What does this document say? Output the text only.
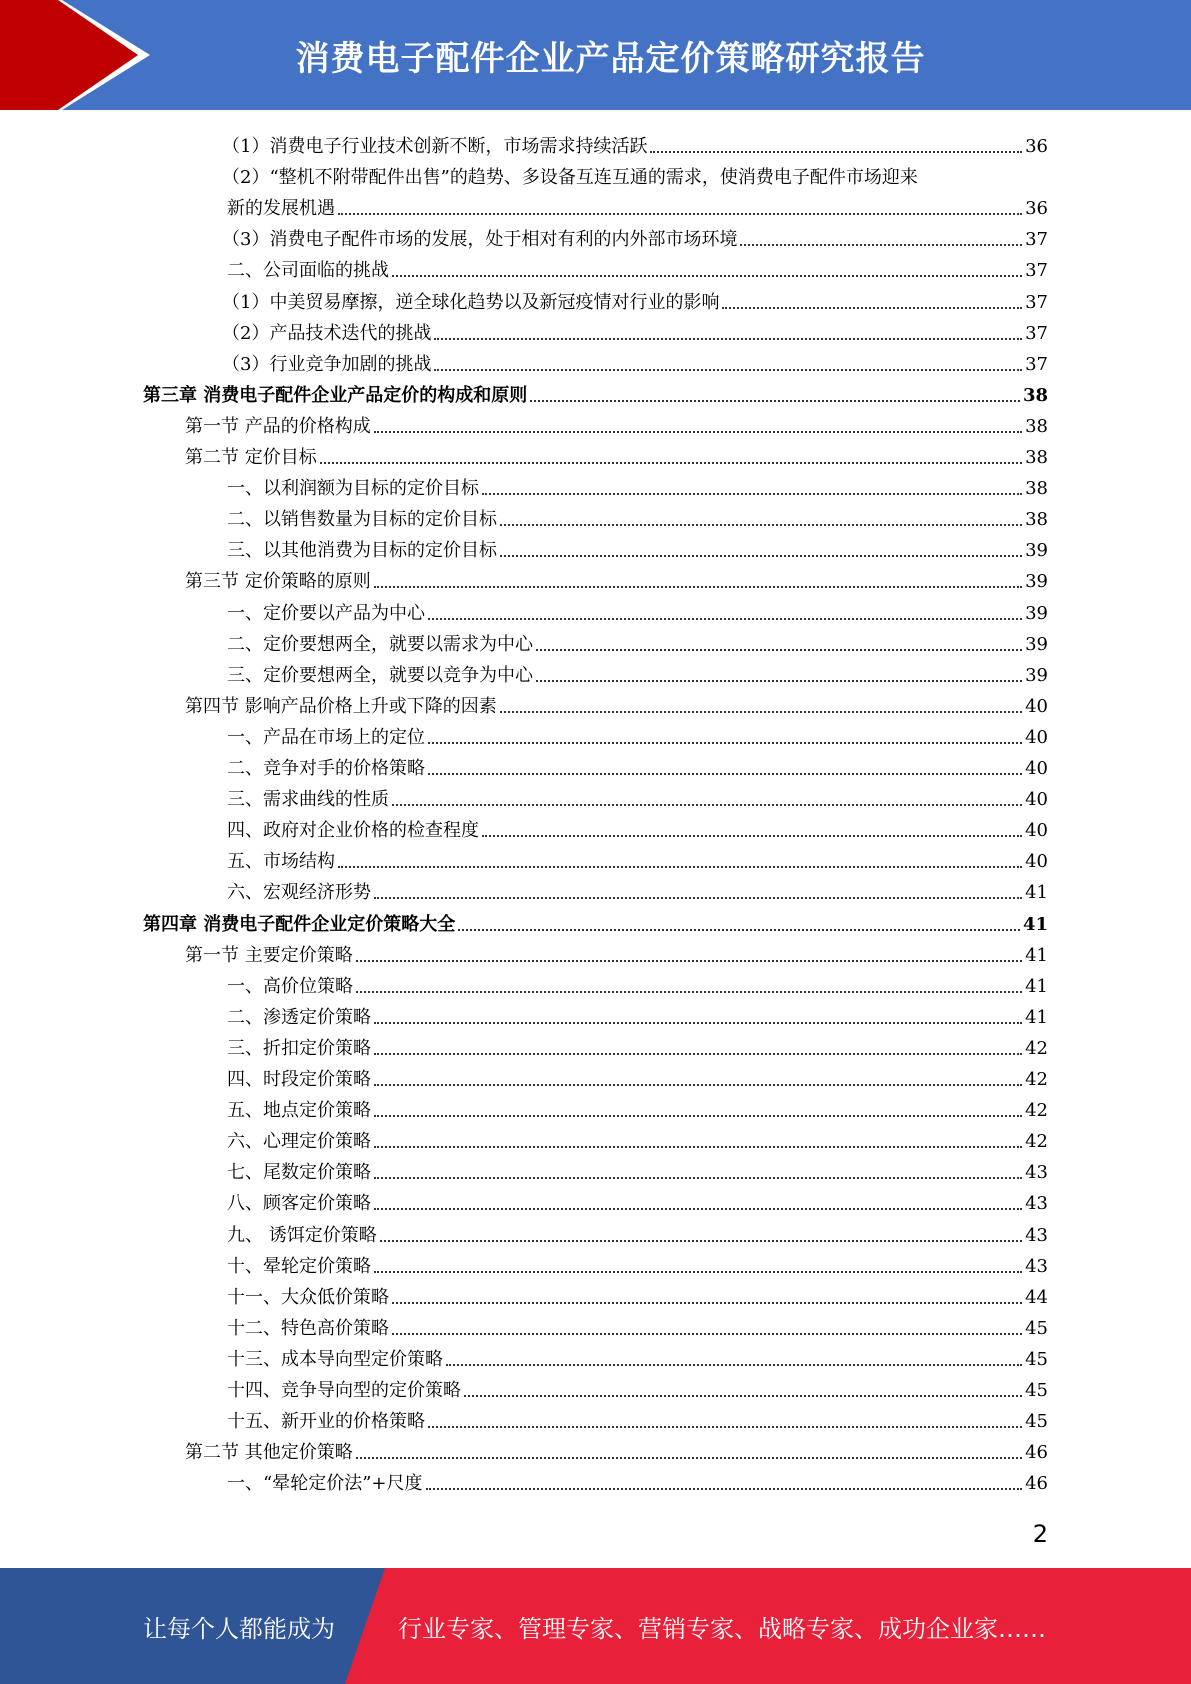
消费电子配件企业产品定价策略研究报告
（1）消费电子行业技术创新不断，市场需求持续活跃	36
（2）“整机不附带配件出售”的趋势、多设备互连互通的需求，使消费电子配件市场迎来
新的发展机遇	36
（3）消费电子配件市场的发展，处于相对有利的内外部市场环境	37
二、公司面临的挑战	37
（1）中美贸易摩擦，逆全球化趋势以及新冠疫情对行业的影响	37
（2）产品技术迭代的挑战	37
（3）行业竞争加剧的挑战	37
第三章 消费电子配件企业产品定价的构成和原则	38
第一节 产品的价格构成	38
第二节 定价目标	38
一、以利润额为目标的定价目标	38
二、以销售数量为目标的定价目标	38
三、以其他消费为目标的定价目标	39
第三节 定价策略的原则	39
一、定价要以产品为中心	39
二、定价要想两全，就要以需求为中心	39
三、定价要想两全，就要以竞争为中心	39
第四节 影响产品价格上升或下降的因素	40
一、产品在市场上的定位	40
二、竞争对手的价格策略	40
三、需求曲线的性质	40
四、政府对企业价格的检查程度	40
五、市场结构	40
六、宏观经济形势	41
第四章 消费电子配件企业定价策略大全	41
第一节 主要定价策略	41
一、高价位策略	41
二、渗透定价策略	41
三、折扣定价策略	42
四、时段定价策略	42
五、地点定价策略	42
六、心理定价策略	42
七、尾数定价策略	43
八、顾客定价策略	43
九、 诱饵定价策略	43
十、晕轮定价策略	43
十一、大众低价策略	44
十二、特色高价策略	45
十三、成本导向型定价策略	45
十四、竞争导向型的定价策略	45
十五、新开业的价格策略	45
第二节 其他定价策略	46
一、“晕轮定价法”+尺度	46
2
让每个人都能成为	行业专家、管理专家、营销专家、战略专家、成功企业家……
